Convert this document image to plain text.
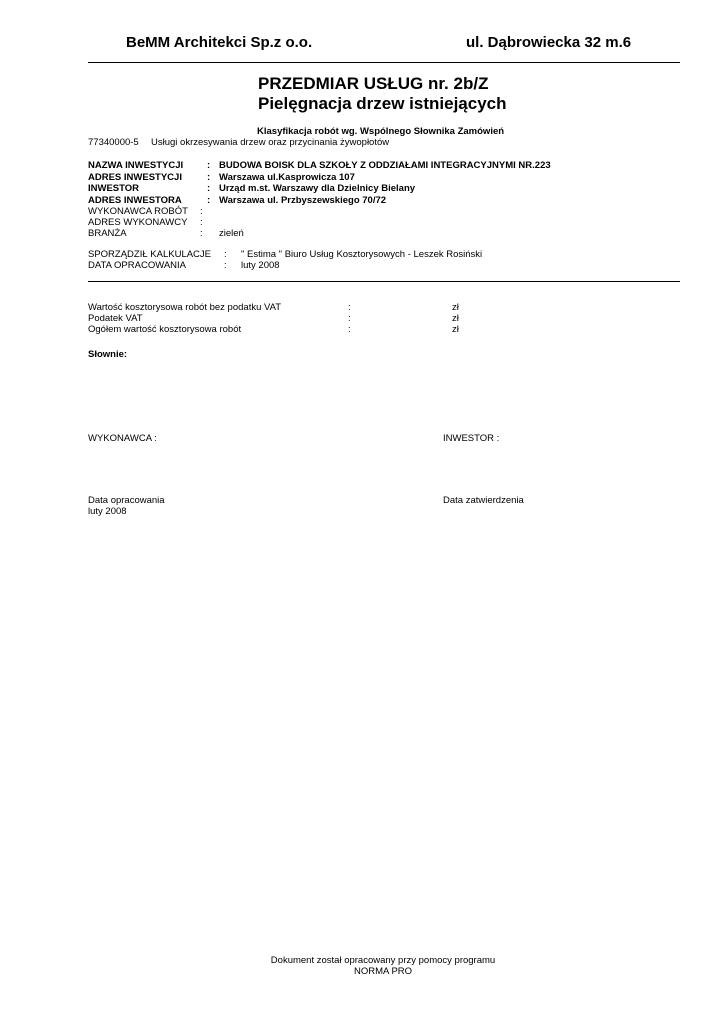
BeMM Architekci Sp.z o.o.	ul. Dąbrowiecka 32 m.6
PRZEDMIAR USŁUG nr. 2b/Z
Pielęgnacja drzew istniejących
Klasyfikacja robót wg. Wspólnego Słownika Zamówień
77340000-5 Usługi okrzesywania drzew oraz przycinania żywopłotów
NAZWA INWESTYCJI	: BUDOWA BOISK DLA SZKOŁY Z ODDZIAŁAMI INTEGRACYJNYMI NR.223
ADRES INWESTYCJI	: Warszawa ul.Kasprowicza 107
INWESTOR	: Urząd m.st. Warszawy dla Dzielnicy Bielany
ADRES INWESTORA	: Warszawa ul. Przbyszewskiego 70/72
WYKONAWCA ROBÓT :
ADRES WYKONAWCY :
BRANŻA	: zieleń
SPORZĄDZIŁ KALKULACJE : " Estima " Biuro Usług Kosztorysowych - Leszek Rosiński
DATA OPRACOWANIA	: luty 2008
Wartość kosztorysowa robót bez podatku VAT	:	zł
Podatek VAT	:	zł
Ogółem wartość kosztorysowa robót	:	zł
Słownie:
WYKONAWCA :	INWESTOR :
Data opracowania
luty 2008
Data zatwierdzenia
Dokument został opracowany przy pomocy programu
NORMA PRO
